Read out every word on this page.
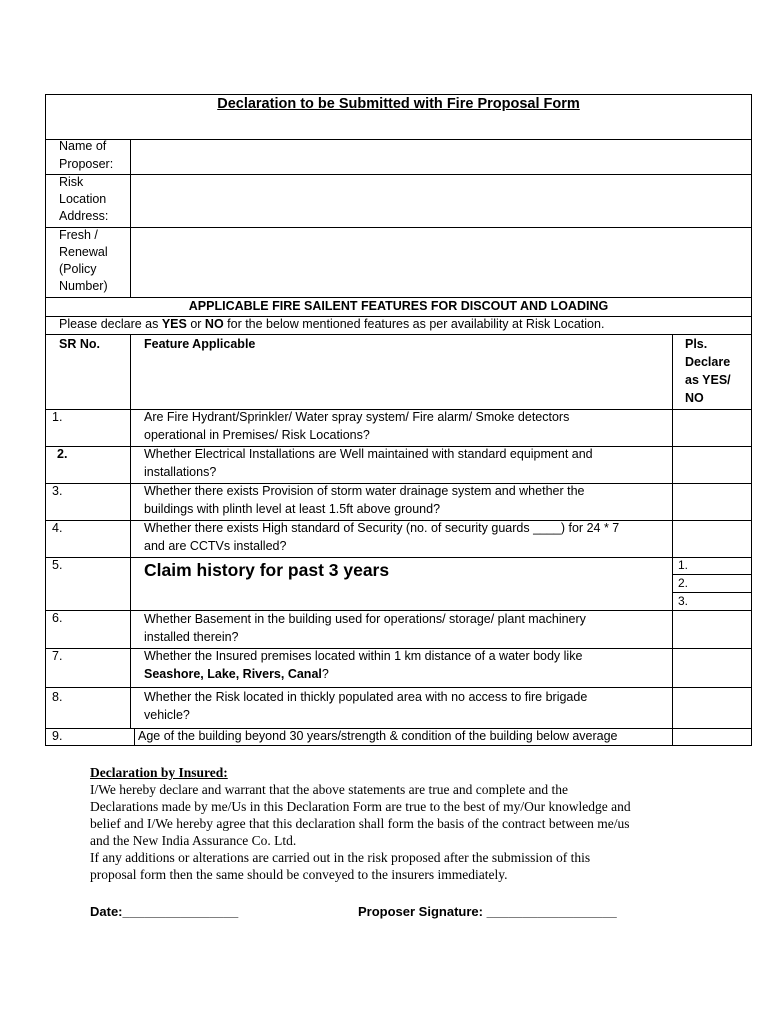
Declaration to be Submitted with Fire Proposal Form
Name of
Proposer:
Risk
Location
Address:
Fresh /
Renewal
(Policy
Number)
APPLICABLE FIRE SAILENT FEATURES FOR DISCOUT AND LOADING
Please declare as YES or NO for the below mentioned features as per availability at Risk Location.
SR No.	Feature Applicable	Pls.
Declare
as YES/
NO
1.	Are Fire Hydrant/Sprinkler/ Water spray system/ Fire alarm/ Smoke detectors
operational in Premises/ Risk Locations?
2.	Whether Electrical Installations are Well maintained with standard equipment and
installations?
3.	Whether there exists Provision of storm water drainage system and whether the
buildings with plinth level at least 1.5ft above ground?
4.	Whether there exists High standard of Security (no. of security guards ____) for 24 * 7
and are CCTVs installed?
5.	Claim history for past 3 years	1.
2.
3.
6.	Whether Basement in the building used for operations/ storage/ plant machinery
installed therein?
7.	Whether the Insured premises located within 1 km distance of a water body like
Seashore, Lake, Rivers, Canal?
8.	Whether the Risk located in thickly populated area with no access to fire brigade
vehicle?
9.	Age of the building beyond 30 years/strength & condition of the building below average
Declaration by Insured:
I/We hereby declare and warrant that the above statements are true and complete and the
Declarations made by me/Us in this Declaration Form are true to the best of my/Our knowledge and
belief and I/We hereby agree that this declaration shall form the basis of the contract between me/us
and the New India Assurance Co. Ltd.
If any additions or alterations are carried out in the risk proposed after the submission of this
proposal form then the same should be conveyed to the insurers immediately.
Date:________________	Proposer Signature: __________________
